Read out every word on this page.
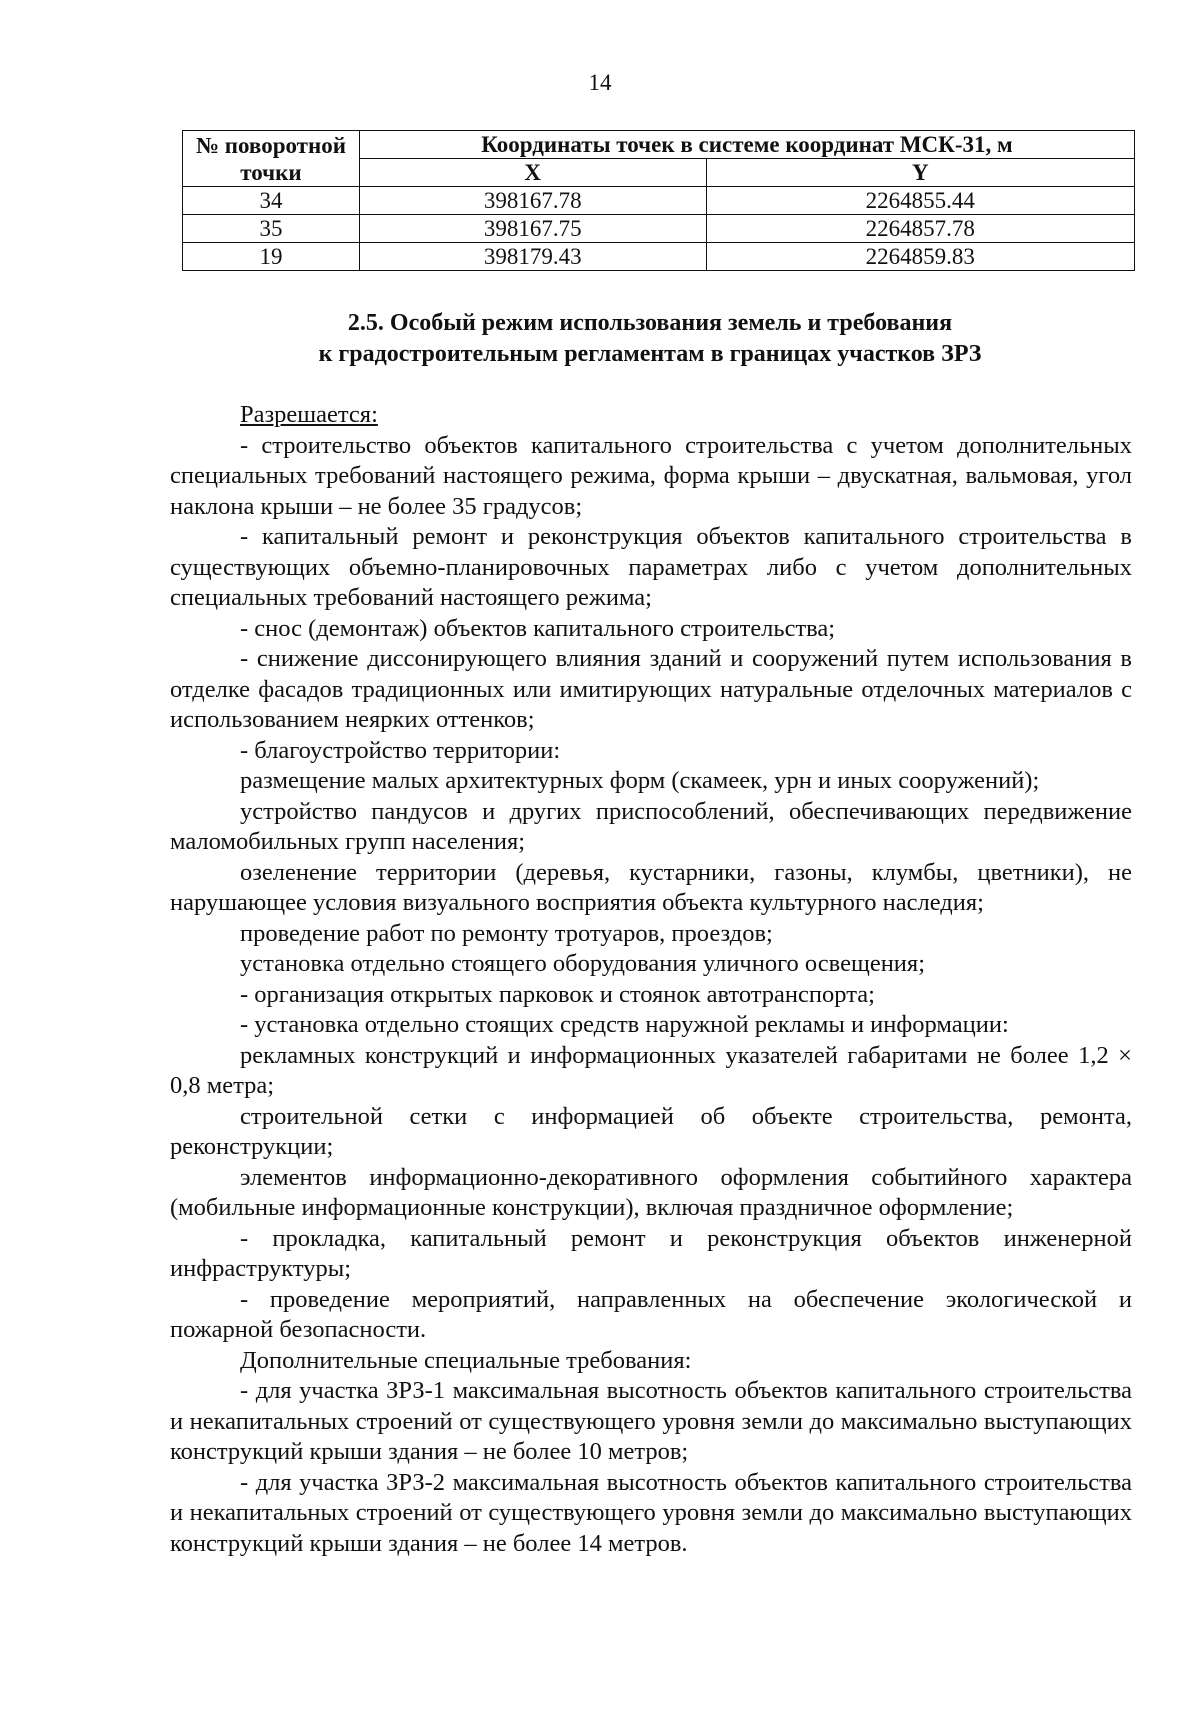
14
№ поворотной точки	Координаты точек в системе координат МСК-31, м	
	X	Y
34	398167.78	2264855.44
35	398167.75	2264857.78
19	398179.43	2264859.83
2.5. Особый режим использования земель и требования
к градостроительным регламентам в границах участков ЗРЗ

Разрешается:

- строительство объектов капитального строительства с учетом дополнительных специальных требований настоящего режима, форма крыши – двускатная, вальмовая, угол наклона крыши – не более 35 градусов;

- капитальный ремонт и реконструкция объектов капитального строительства в существующих объемно-планировочных параметрах либо с учетом дополнительных специальных требований настоящего режима;

- снос (демонтаж) объектов капитального строительства;

- снижение диссонирующего влияния зданий и сооружений путем использования в отделке фасадов традиционных или имитирующих натуральные отделочных материалов с использованием неярких оттенков;

- благоустройство территории:

размещение малых архитектурных форм (скамеек, урн и иных сооружений);

устройство пандусов и других приспособлений, обеспечивающих передвижение маломобильных групп населения;

озеленение территории (деревья, кустарники, газоны, клумбы, цветники), не нарушающее условия визуального восприятия объекта культурного наследия;

проведение работ по ремонту тротуаров, проездов;

установка отдельно стоящего оборудования уличного освещения;

- организация открытых парковок и стоянок автотранспорта;

- установка отдельно стоящих средств наружной рекламы и информации:

рекламных конструкций и информационных указателей габаритами не более 1,2 × 0,8 метра;

строительной сетки с информацией об объекте строительства, ремонта, реконструкции;

элементов информационно-декоративного оформления событийного характера (мобильные информационные конструкции), включая праздничное оформление;

- прокладка, капитальный ремонт и реконструкция объектов инженерной инфраструктуры;

- проведение мероприятий, направленных на обеспечение экологической и пожарной безопасности.

Дополнительные специальные требования:

- для участка ЗРЗ-1 максимальная высотность объектов капитального строительства и некапитальных строений от существующего уровня земли до максимально выступающих конструкций крыши здания – не более 10 метров;

- для участка ЗРЗ-2 максимальная высотность объектов капитального строительства и некапитальных строений от существующего уровня земли до максимально выступающих конструкций крыши здания – не более 14 метров.
